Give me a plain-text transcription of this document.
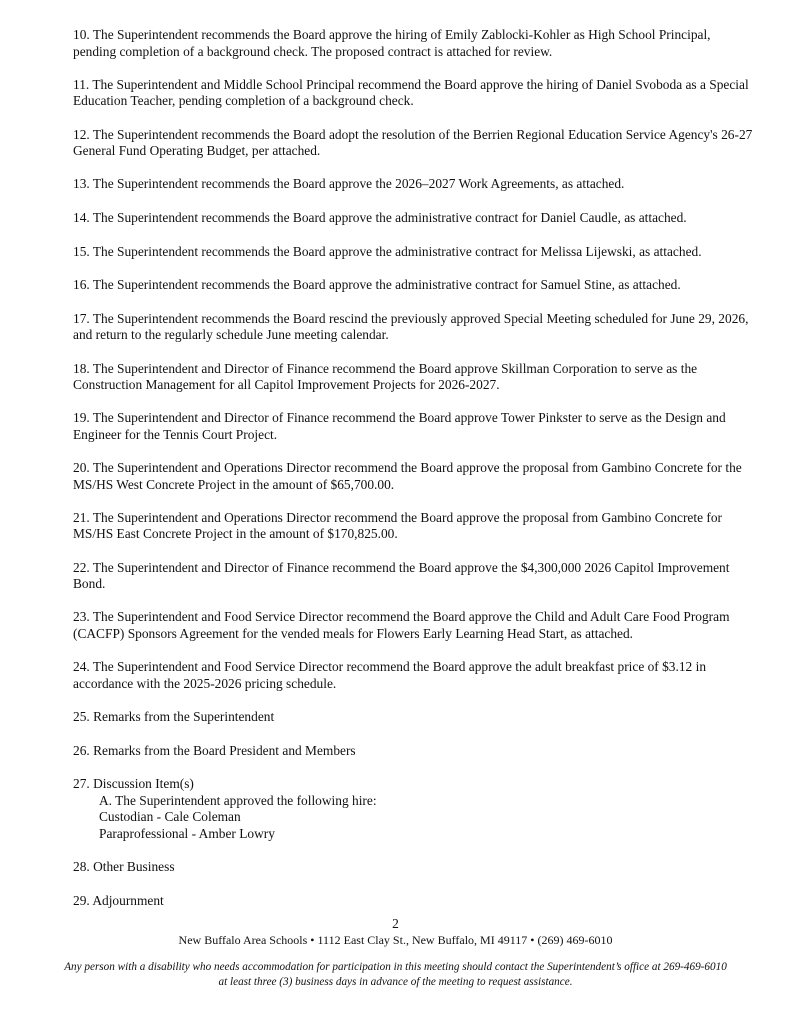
10. The Superintendent recommends the Board approve the hiring of Emily Zablocki-Kohler as High School Principal, pending completion of a background check. The proposed contract is attached for review.

11. The Superintendent and Middle School Principal recommend the Board approve the hiring of Daniel Svoboda as a Special Education Teacher, pending completion of a background check.

12. The Superintendent recommends the Board adopt the resolution of the Berrien Regional Education Service Agency's 26-27 General Fund Operating Budget, per attached.

13. The Superintendent recommends the Board approve the 2026–2027 Work Agreements, as attached.

14. The Superintendent recommends the Board approve the administrative contract for Daniel Caudle, as attached.

15. The Superintendent recommends the Board approve the administrative contract for Melissa Lijewski, as attached.

16. The Superintendent recommends the Board approve the administrative contract for Samuel Stine, as attached.

17. The Superintendent recommends the Board rescind the previously approved Special Meeting scheduled for June 29, 2026, and return to the regularly schedule June meeting calendar.

18. The Superintendent and Director of Finance recommend the Board approve Skillman Corporation to serve as the Construction Management for all Capitol Improvement Projects for 2026-2027.

19. The Superintendent and Director of Finance recommend the Board approve Tower Pinkster to serve as the Design and Engineer for the Tennis Court Project.

20. The Superintendent and Operations Director recommend the Board approve the proposal from Gambino Concrete for the MS/HS West Concrete Project in the amount of $65,700.00.

21. The Superintendent and Operations Director recommend the Board approve the proposal from Gambino Concrete for MS/HS East Concrete Project in the amount of $170,825.00.

22. The Superintendent and Director of Finance recommend the Board approve the $4,300,000 2026 Capitol Improvement Bond.

23. The Superintendent and Food Service Director recommend the Board approve the Child and Adult Care Food Program (CACFP) Sponsors Agreement for the vended meals for Flowers Early Learning Head Start, as attached.

24. The Superintendent and Food Service Director recommend the Board approve the adult breakfast price of $3.12 in accordance with the 2025-2026 pricing schedule.

25. Remarks from the Superintendent

26. Remarks from the Board President and Members

27. Discussion Item(s)
A. The Superintendent approved the following hire:
Custodian - Cale Coleman
Paraprofessional - Amber Lowry

28. Other Business

29. Adjournment

2
New Buffalo Area Schools • 1112 East Clay St., New Buffalo, MI 49117 • (269) 469-6010
Any person with a disability who needs accommodation for participation in this meeting should contact the Superintendent’s office at 269-469-6010 at least three (3) business days in advance of the meeting to request assistance.
